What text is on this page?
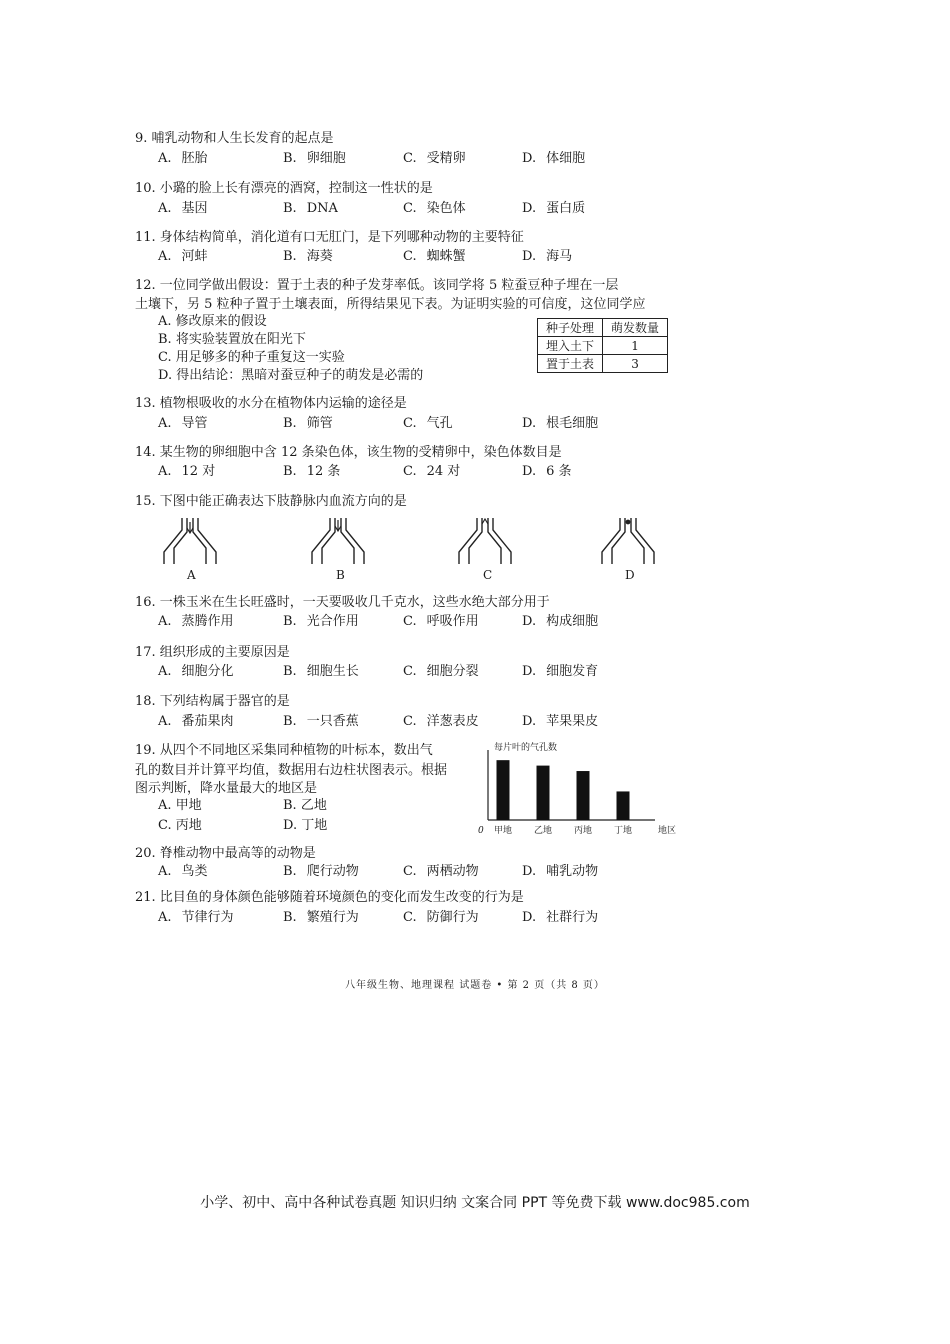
9. 哺乳动物和人生长发育的起点是
A. 胚胎	B. 卵细胞	C. 受精卵	D. 体细胞
10. 小璐的脸上长有漂亮的酒窝，控制这一性状的是
A. 基因	B. DNA	C. 染色体	D. 蛋白质
11. 身体结构简单，消化道有口无肛门，是下列哪种动物的主要特征
A. 河蚌	B. 海葵	C. 蜘蛛蟹	D. 海马
12. 一位同学做出假设：置于土表的种子发芽率低。该同学将 5 粒蚕豆种子埋在一层
土壤下，另 5 粒种子置于土壤表面，所得结果见下表。为证明实验的可信度，这位同学应
A. 修改原来的假设
B. 将实验装置放在阳光下
C. 用足够多的种子重复这一实验
D. 得出结论：黑暗对蚕豆种子的萌发是必需的
种子处理	萌发数量
埋入土下	1
置于土表	3
13. 植物根吸收的水分在植物体内运输的途径是
A. 导管	B. 筛管	C. 气孔	D. 根毛细胞
14. 某生物的卵细胞中含 12 条染色体，该生物的受精卵中，染色体数目是
A. 12 对	B. 12 条	C. 24 对	D. 6 条
15. 下图中能正确表达下肢静脉内血流方向的是
A	B	C	D
16. 一株玉米在生长旺盛时，一天要吸收几千克水，这些水绝大部分用于
A. 蒸腾作用	B. 光合作用	C. 呼吸作用	D. 构成细胞
17. 组织形成的主要原因是
A. 细胞分化	B. 细胞生长	C. 细胞分裂	D. 细胞发育
18. 下列结构属于器官的是
A. 番茄果肉	B. 一只香蕉	C. 洋葱表皮	D. 苹果果皮
19. 从四个不同地区采集同种植物的叶标本，数出气
孔的数目并计算平均值，数据用右边柱状图表示。根据
图示判断，降水量最大的地区是
A. 甲地	B. 乙地
C. 丙地	D. 丁地
每片叶的气孔数
0	地区
甲地 乙地 丙地 丁地
20. 脊椎动物中最高等的动物是
A. 鸟类	B. 爬行动物	C. 两栖动物	D. 哺乳动物
21. 比目鱼的身体颜色能够随着环境颜色的变化而发生改变的行为是
A. 节律行为	B. 繁殖行为	C. 防御行为	D. 社群行为
八年级生物、地理课程 试题卷 • 第 2 页（共 8 页）
小学、初中、高中各种试卷真题 知识归纳 文案合同 PPT 等免费下载 www.doc985.com
